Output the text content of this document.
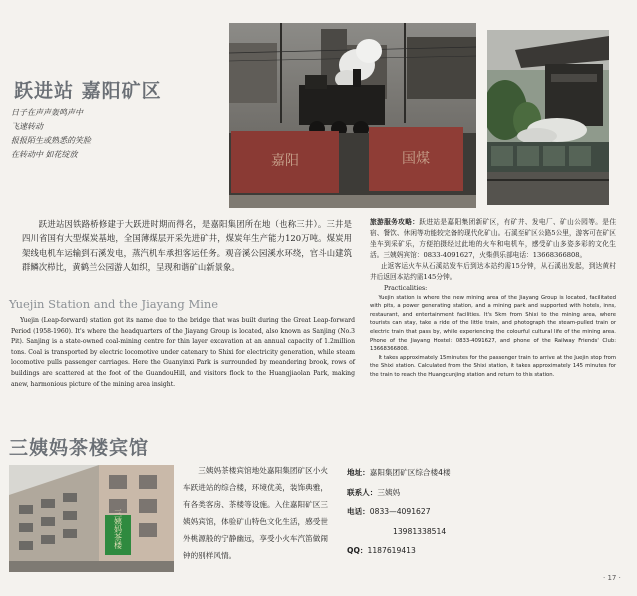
跃进站 嘉阳矿区
日子在声声轰鸣声中
飞速转动
报报陌生或熟悉的笑脸
在转动中 如花绽放	嘉阳	国煤

跃进站因铁路桥修建于大跃进时期而得名，是嘉阳集团所在地（也称三井）。三井是四川省国有大型煤炭基地，全国薄煤层开采先进矿井，煤炭年生产能力120万吨。煤炭用架线电机车运输到石溪发电，蒸汽机车承担客运任务。观音溪公园溪水环绕，官斗山建筑群鳞次栉比，黄鹤兰公园游人如织，呈现和谐矿山新景象。

Yuejin Station and the Jiayang Mine

Yuejin (Leap-forward) station got its name due to the bridge that was built during the Great Leap-forward Period (1958-1960). It's where the headquarters of the Jiayang Group is located, also known as Sanjing (No.3 Pit). Sanjing is a state-owned coal-mining centre for thin layer excavation at an annual capacity of 1.2million tons. Coal is transported by electric locomotive under catenary to Shixi for electricity generation, while steam locomotive pulls passenger carriages. Here the Guanyinxi Park is surrounded by meandering brook, rows of buildings are scattered at the foot of the GuandouHill, and visitors flock to the Huangjiaolan Park, making anew, harmonious picture of the mining area insight.

旅游服务攻略：跃进站是嘉阳集团新矿区，有矿井、发电厂、矿山公园等。是住宿、餐饮、休闲等功能较完备的现代化矿山。石溪至矿区公路5公里，游客可在矿区坐车到采矿乐，方便拍摄经过此地的火车和电机车，感受矿山多姿多彩的文化生活。三姨妈宾馆：0833-4091627，火柴俱乐部电话：13668366808。

止返客运火车从石溪站发车后到达本站约需15分钟，从石溪出发起，到达黄村井后返回本站约需145分钟。

Practicalities:

Yuejin station is where the new mining area of the Jiayang Group is located, facilitated with pits, a power generating station, and a mining park and supported with hotels, inns, restaurant, and entertainment facilities. It's 5km from Shixi to the mining area, where tourists can stay, take a ride of the little train, and photograph the steam-pulled train or electric train that pass by, while experiencing the colourful cultural life of the mining area. Phone of the Jiayang Hostel: 0833-4091627, and phone of the Railway Friends' Club: 13668366808.

It takes approximately 15minutes for the passenger train to arrive at the Juejin stop from the Shixi station. Calculated from the Shixi station, it takes approximately 145 minutes for the train to reach the Huangcunjing station and return to this station.

三姨妈茶楼宾馆
三姨妈茶楼

三姨妈茶楼宾馆地处嘉阳集团矿区小火车跃进站的综合楼，环境优美，装饰典雅，有各类客房、茶楼等设施。入住嘉阳矿区三姨妈宾馆，体验矿山特色文化生活，感受世外桃源般的宁静幽远，享受小火车汽笛做闹钟的别样风情。

地址：嘉阳集团矿区综合楼4楼
联系人：三姨妈
电话：0833—4091627
13981338514
QQ：1187619413
· 17 ·
